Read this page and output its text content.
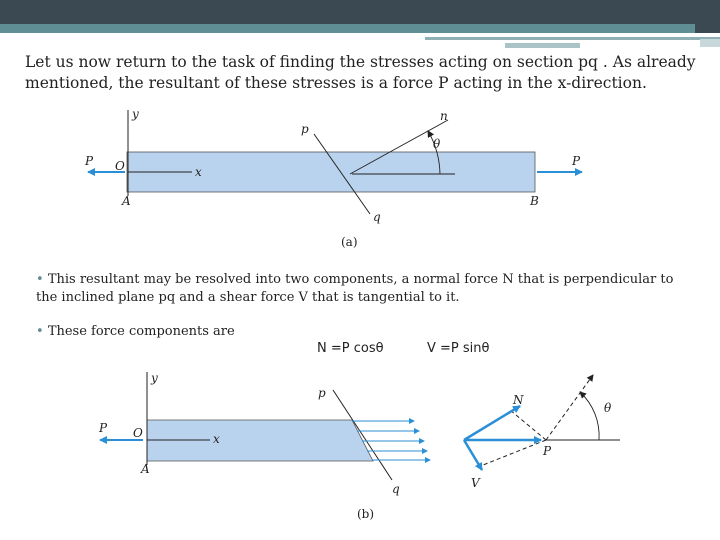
Let us now return to the task of finding the stresses acting on section pq . As already mentioned, the resultant of these stresses is a force P acting in the x-direction.

• This resultant may be resolved into two components, a normal force N that is perpendicular to the inclined plane pq and a shear force V that is tangential to it.

• These force components are

N =P cosθ	V =P sinθ
y
x
O
P	P
p
q
n
θ
A	B
(a)
y
x
O
P
p
q
A
(b)
N
V
P
θ
